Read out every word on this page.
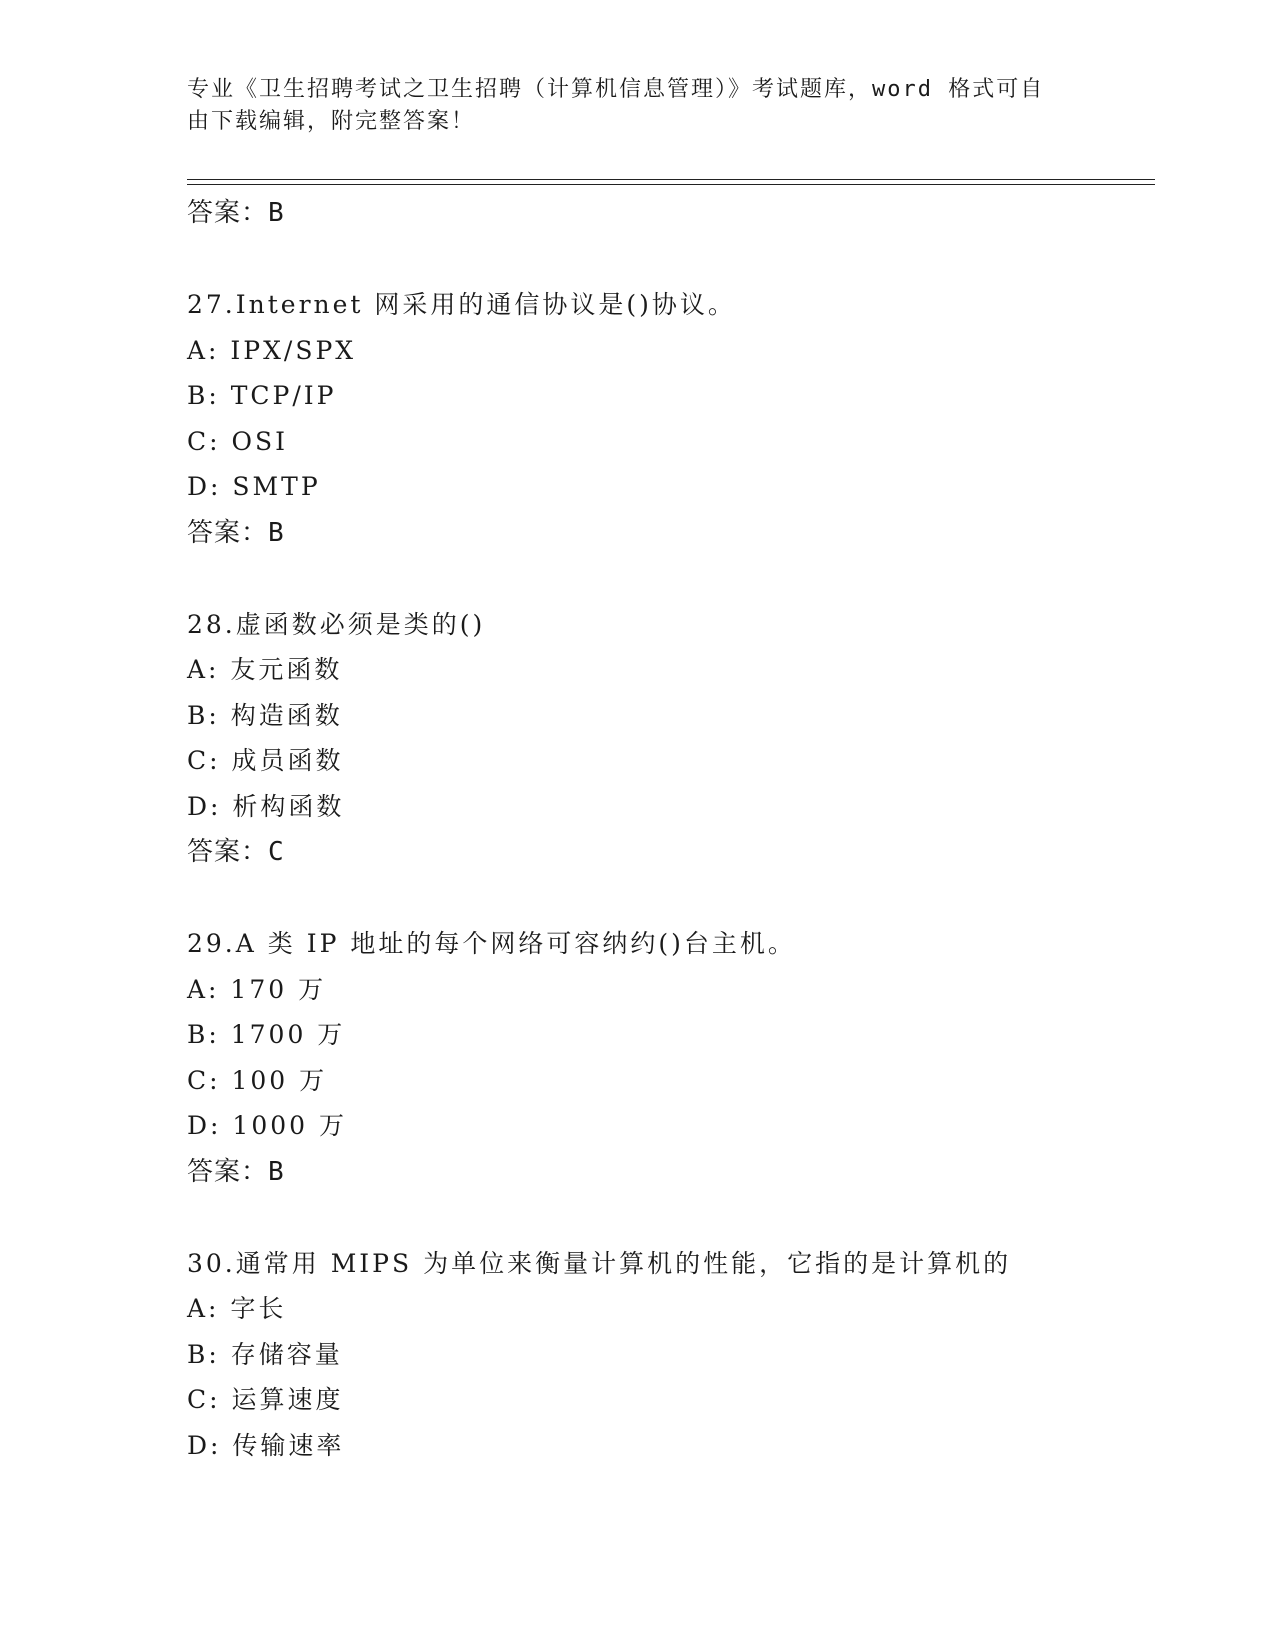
专业《卫生招聘考试之卫生招聘（计算机信息管理）》考试题库，word 格式可自
由下载编辑，附完整答案！
答案：B
27.Internet 网采用的通信协议是()协议。
A: IPX/SPX
B: TCP/IP
C: OSI
D: SMTP
答案：B
28.虚函数必须是类的()
A: 友元函数
B: 构造函数
C: 成员函数
D: 析构函数
答案：C
29.A 类 IP 地址的每个网络可容纳约()台主机。
A: 170 万
B: 1700 万
C: 100 万
D: 1000 万
答案：B
30.通常用 MIPS 为单位来衡量计算机的性能，它指的是计算机的
A: 字长
B: 存储容量
C: 运算速度
D: 传输速率
